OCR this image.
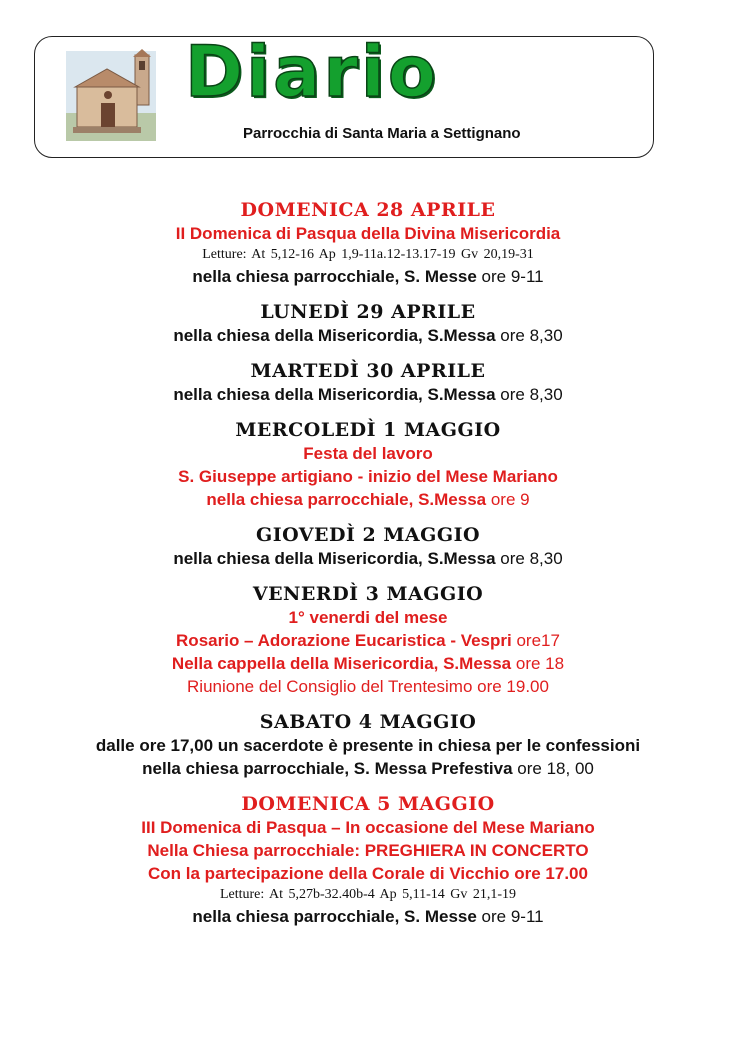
Diario
Parrocchia di Santa Maria a Settignano
DOMENICA 28 APRILE
II Domenica di Pasqua della Divina Misericordia
Letture: At 5,12-16 Ap 1,9-11a.12-13.17-19 Gv 20,19-31
nella chiesa parrocchiale, S. Messe ore 9-11
LUNEDÌ 29 APRILE
nella chiesa della Misericordia, S.Messa ore 8,30
MARTEDÌ 30 APRILE
nella chiesa della Misericordia, S.Messa ore 8,30
MERCOLEDÌ 1 MAGGIO
Festa del lavoro
S. Giuseppe artigiano - inizio del Mese Mariano
nella chiesa parrocchiale, S.Messa ore 9
GIOVEDÌ 2 MAGGIO
nella chiesa della Misericordia, S.Messa ore 8,30
VENERDÌ 3 MAGGIO
1° venerdi del mese
Rosario – Adorazione Eucaristica - Vespri ore17
Nella cappella della Misericordia, S.Messa ore 18
Riunione del Consiglio del Trentesimo ore 19.00
SABATO 4 MAGGIO
dalle ore 17,00 un sacerdote è presente in chiesa per le confessioni
nella chiesa parrocchiale, S. Messa Prefestiva ore 18, 00
DOMENICA 5 MAGGIO
III Domenica di Pasqua – In occasione del Mese Mariano
Nella Chiesa parrocchiale: PREGHIERA IN CONCERTO
Con la partecipazione della Corale di Vicchio ore 17.00
Letture: At 5,27b-32.40b-4 Ap 5,11-14 Gv 21,1-19
nella chiesa parrocchiale, S. Messe ore 9-11
